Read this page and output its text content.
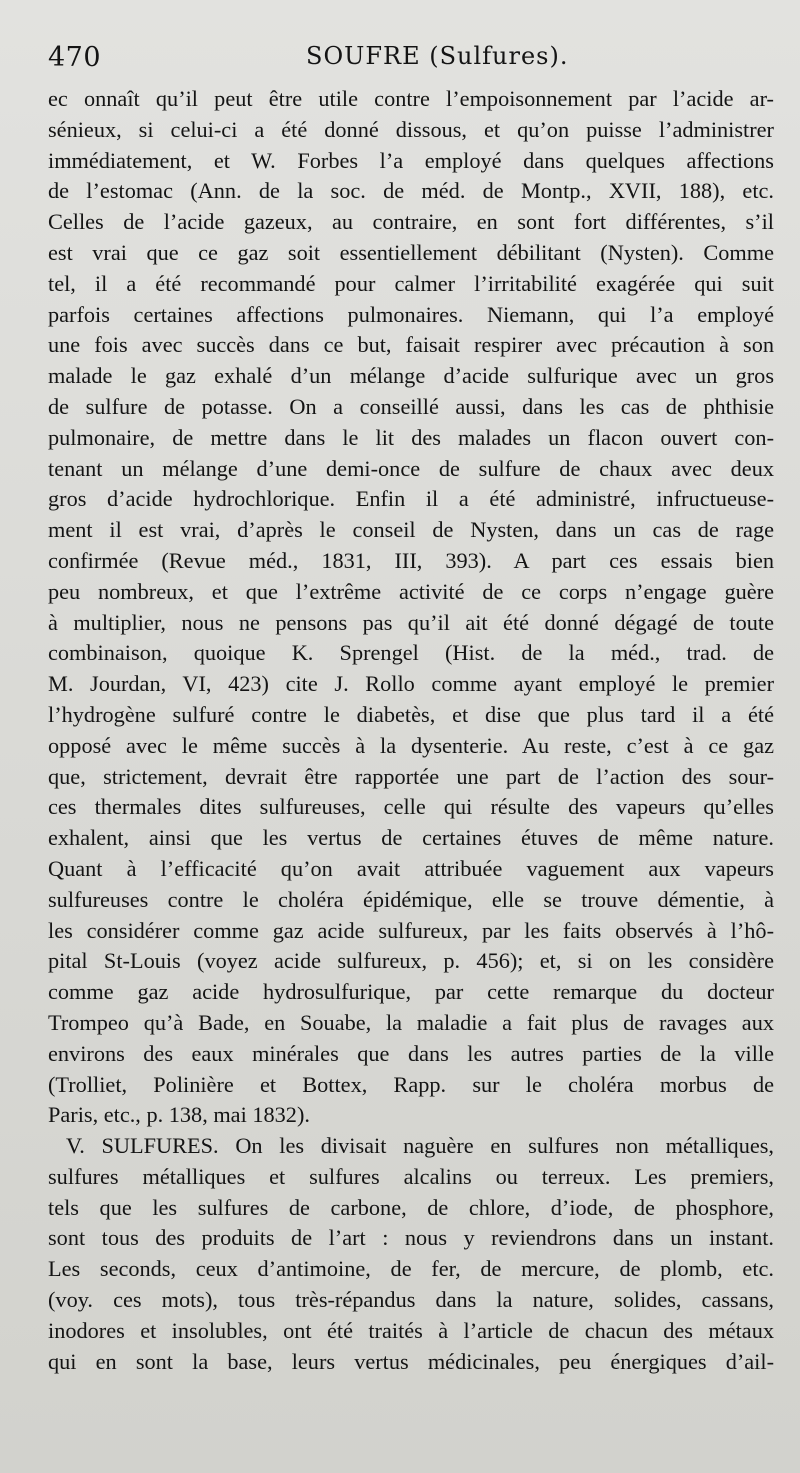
470	SOUFRE (Sulfures).
ec onnaît qu’il peut être utile contre l’empoisonnement par l’acide ar-
sénieux, si celui-ci a été donné dissous, et qu’on puisse l’administrer
immédiatement, et W. Forbes l’a employé dans quelques affections
de l’estomac (Ann. de la soc. de méd. de Montp., XVII, 188), etc.
Celles de l’acide gazeux, au contraire, en sont fort différentes, s’il
est vrai que ce gaz soit essentiellement débilitant (Nysten). Comme
tel, il a été recommandé pour calmer l’irritabilité exagérée qui suit
parfois certaines affections pulmonaires. Niemann, qui l’a employé
une fois avec succès dans ce but, faisait respirer avec précaution à son
malade le gaz exhalé d’un mélange d’acide sulfurique avec un gros
de sulfure de potasse. On a conseillé aussi, dans les cas de phthisie
pulmonaire, de mettre dans le lit des malades un flacon ouvert con-
tenant un mélange d’une demi-once de sulfure de chaux avec deux
gros d’acide hydrochlorique. Enfin il a été administré, infructueuse-
ment il est vrai, d’après le conseil de Nysten, dans un cas de rage
confirmée (Revue méd., 1831, III, 393). A part ces essais bien
peu nombreux, et que l’extrême activité de ce corps n’engage guère
à multiplier, nous ne pensons pas qu’il ait été donné dégagé de toute
combinaison, quoique K. Sprengel (Hist. de la méd., trad. de
M. Jourdan, VI, 423) cite J. Rollo comme ayant employé le premier
l’hydrogène sulfuré contre le diabetès, et dise que plus tard il a été
opposé avec le même succès à la dysenterie. Au reste, c’est à ce gaz
que, strictement, devrait être rapportée une part de l’action des sour-
ces thermales dites sulfureuses, celle qui résulte des vapeurs qu’elles
exhalent, ainsi que les vertus de certaines étuves de même nature.
Quant à l’efficacité qu’on avait attribuée vaguement aux vapeurs
sulfureuses contre le choléra épidémique, elle se trouve démentie, à
les considérer comme gaz acide sulfureux, par les faits observés à l’hô-
pital St-Louis (voyez acide sulfureux, p. 456); et, si on les considère
comme gaz acide hydrosulfurique, par cette remarque du docteur
Trompeo qu’à Bade, en Souabe, la maladie a fait plus de ravages aux
environs des eaux minérales que dans les autres parties de la ville
(Trolliet, Polinière et Bottex, Rapp. sur le choléra morbus de
Paris, etc., p. 138, mai 1832).
V. SULFURES. On les divisait naguère en sulfures non métalliques,
sulfures métalliques et sulfures alcalins ou terreux. Les premiers,
tels que les sulfures de carbone, de chlore, d’iode, de phosphore,
sont tous des produits de l’art : nous y reviendrons dans un instant.
Les seconds, ceux d’antimoine, de fer, de mercure, de plomb, etc.
(voy. ces mots), tous très-répandus dans la nature, solides, cassans,
inodores et insolubles, ont été traités à l’article de chacun des métaux
qui en sont la base, leurs vertus médicinales, peu énergiques d’ail-
